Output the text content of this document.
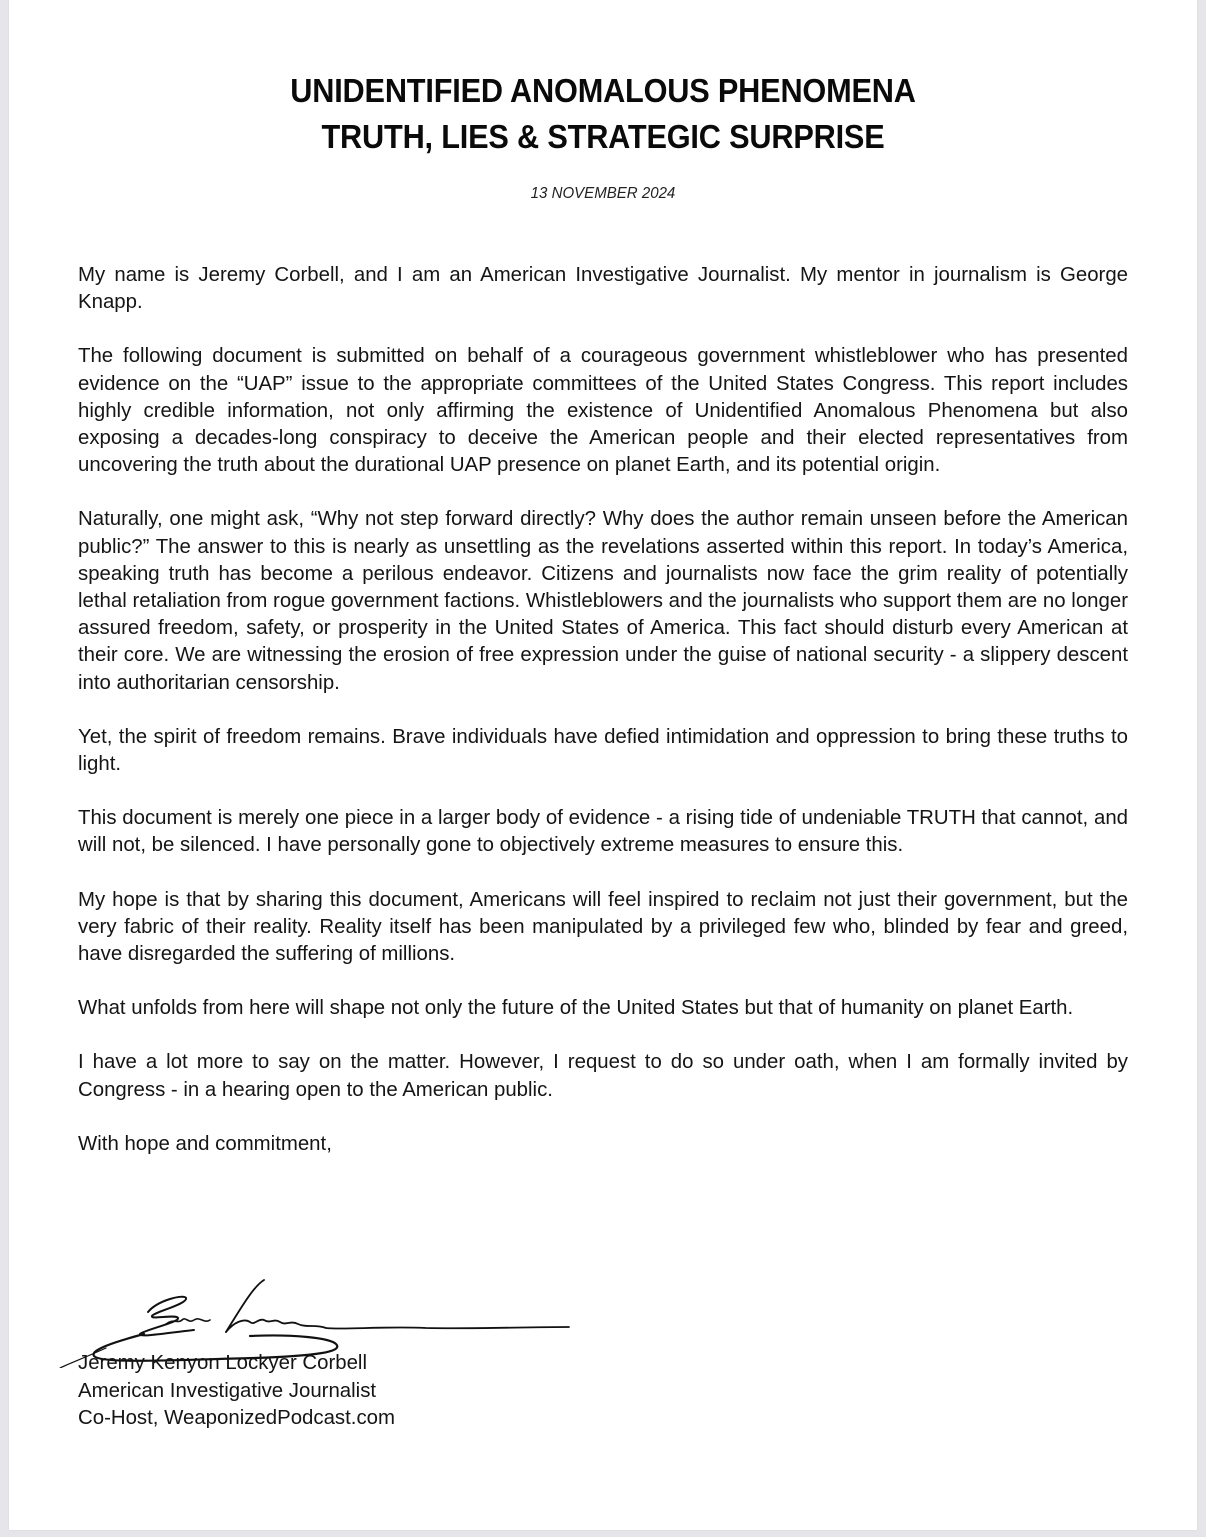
UNIDENTIFIED ANOMALOUS PHENOMENA
TRUTH, LIES & STRATEGIC SURPRISE
13 NOVEMBER 2024

My name is Jeremy Corbell, and I am an American Investigative Journalist. My mentor in journalism is George Knapp.

The following document is submitted on behalf of a courageous government whistleblower who has presented evidence on the “UAP” issue to the appropriate committees of the United States Congress. This report includes highly credible information, not only affirming the existence of Unidentified Anomalous Phenomena but also exposing a decades-long conspiracy to deceive the American people and their elected representatives from uncovering the truth about the durational UAP presence on planet Earth, and its potential origin.

Naturally, one might ask, “Why not step forward directly? Why does the author remain unseen before the American public?” The answer to this is nearly as unsettling as the revelations asserted within this report. In today’s America, speaking truth has become a perilous endeavor. Citizens and journalists now face the grim reality of potentially lethal retaliation from rogue government factions. Whistleblowers and the journalists who support them are no longer assured freedom, safety, or prosperity in the United States of America. This fact should disturb every American at their core. We are witnessing the erosion of free expression under the guise of national security - a slippery descent into authoritarian censorship.

Yet, the spirit of freedom remains. Brave individuals have defied intimidation and oppression to bring these truths to light.

This document is merely one piece in a larger body of evidence - a rising tide of undeniable TRUTH that cannot, and will not, be silenced. I have personally gone to objectively extreme measures to ensure this.

My hope is that by sharing this document, Americans will feel inspired to reclaim not just their government, but the very fabric of their reality. Reality itself has been manipulated by a privileged few who, blinded by fear and greed, have disregarded the suffering of millions.

What unfolds from here will shape not only the future of the United States but that of humanity on planet Earth.

I have a lot more to say on the matter. However, I request to do so under oath, when I am formally invited by Congress - in a hearing open to the American public.

With hope and commitment,

Jeremy Kenyon Lockyer Corbell
American Investigative Journalist
Co-Host, WeaponizedPodcast.com
